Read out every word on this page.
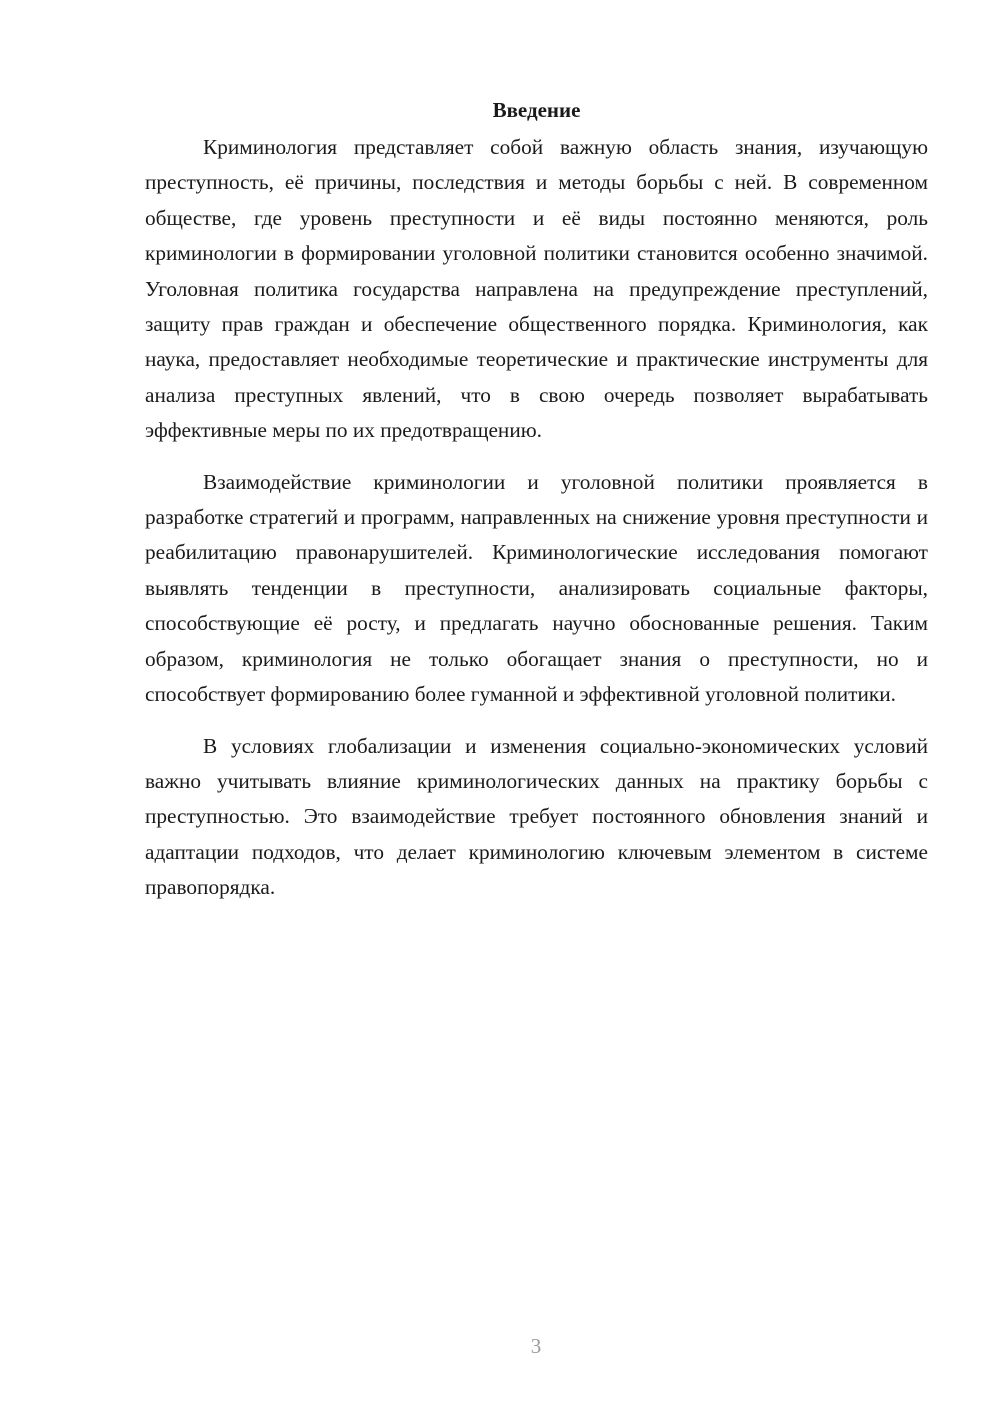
Введение

Криминология представляет собой важную область знания, изучающую преступность, её причины, последствия и методы борьбы с ней. В современном обществе, где уровень преступности и её виды постоянно меняются, роль криминологии в формировании уголовной политики становится особенно значимой. Уголовная политика государства направлена на предупреждение преступлений, защиту прав граждан и обеспечение общественного порядка. Криминология, как наука, предоставляет необходимые теоретические и практические инструменты для анализа преступных явлений, что в свою очередь позволяет вырабатывать эффективные меры по их предотвращению.

Взаимодействие криминологии и уголовной политики проявляется в разработке стратегий и программ, направленных на снижение уровня преступности и реабилитацию правонарушителей. Криминологические исследования помогают выявлять тенденции в преступности, анализировать социальные факторы, способствующие её росту, и предлагать научно обоснованные решения. Таким образом, криминология не только обогащает знания о преступности, но и способствует формированию более гуманной и эффективной уголовной политики.

В условиях глобализации и изменения социально-экономических условий важно учитывать влияние криминологических данных на практику борьбы с преступностью. Это взаимодействие требует постоянного обновления знаний и адаптации подходов, что делает криминологию ключевым элементом в системе правопорядка.

3
